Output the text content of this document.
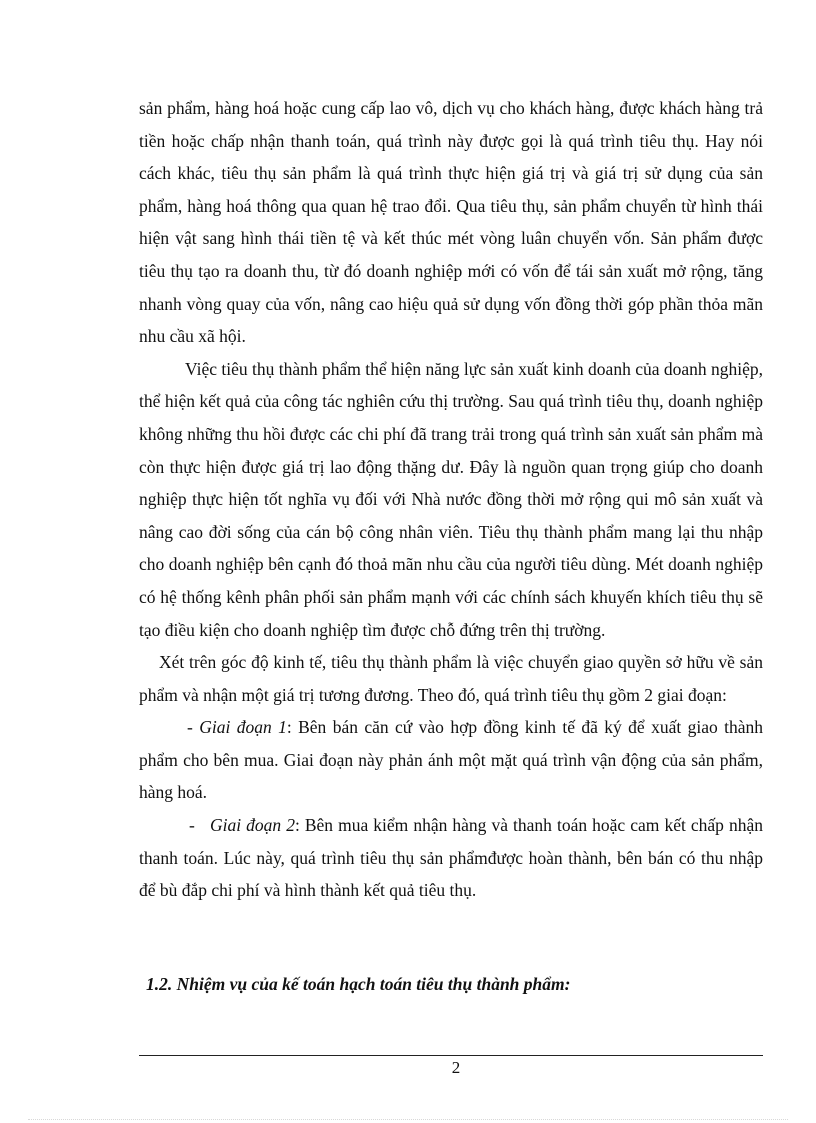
sản phẩm, hàng hoá hoặc cung cấp lao vô, dịch vụ cho khách hàng, được khách hàng trả tiền hoặc chấp nhận thanh toán, quá trình này được gọi là quá trình tiêu thụ. Hay nói cách khác, tiêu thụ sản phẩm là quá trình thực hiện giá trị và giá trị sử dụng của sản phẩm, hàng hoá thông qua quan hệ trao đổi. Qua tiêu thụ, sản phẩm chuyển từ hình thái hiện vật sang hình thái tiền tệ và kết thúc mét vòng luân chuyển vốn. Sản phẩm được tiêu thụ tạo ra doanh thu, từ đó doanh nghiệp mới có vốn để tái sản xuất mở rộng, tăng nhanh vòng quay của vốn, nâng cao hiệu quả sử dụng vốn đồng thời góp phần thỏa mãn nhu cầu xã hội.

Việc tiêu thụ thành phẩm thể hiện năng lực sản xuất kinh doanh của doanh nghiệp, thể hiện kết quả của công tác nghiên cứu thị trường. Sau quá trình tiêu thụ, doanh nghiệp không những thu hồi được các chi phí đã trang trải trong quá trình sản xuất sản phẩm mà còn thực hiện được giá trị lao động thặng dư. Đây là nguồn quan trọng giúp cho doanh nghiệp thực hiện tốt nghĩa vụ đối với Nhà nước đồng thời mở rộng qui mô sản xuất và nâng cao đời sống của cán bộ công nhân viên. Tiêu thụ thành phẩm mang lại thu nhập cho doanh nghiệp bên cạnh đó thoả mãn nhu cầu của người tiêu dùng. Mét doanh nghiệp có hệ thống kênh phân phối sản phẩm mạnh với các chính sách khuyến khích tiêu thụ sẽ tạo điều kiện cho doanh nghiệp tìm được chỗ đứng trên thị trường.

Xét trên góc độ kinh tế, tiêu thụ thành phẩm là việc chuyển giao quyền sở hữu về sản phẩm và nhận một giá trị tương đương. Theo đó, quá trình tiêu thụ gồm 2 giai đoạn:

- Giai đoạn 1: Bên bán căn cứ vào hợp đồng kinh tế đã ký để xuất giao thành phẩm cho bên mua. Giai đoạn này phản ánh một mặt quá trình vận động của sản phẩm, hàng hoá.

-   Giai đoạn 2: Bên mua kiểm nhận hàng và thanh toán hoặc cam kết chấp nhận thanh toán. Lúc này, quá trình tiêu thụ sản phẩmđược hoàn thành, bên bán có thu nhập để bù đắp chi phí và hình thành kết quả tiêu thụ.

1.2. Nhiệm vụ của kế toán hạch toán tiêu thụ thành phẩm:

2
